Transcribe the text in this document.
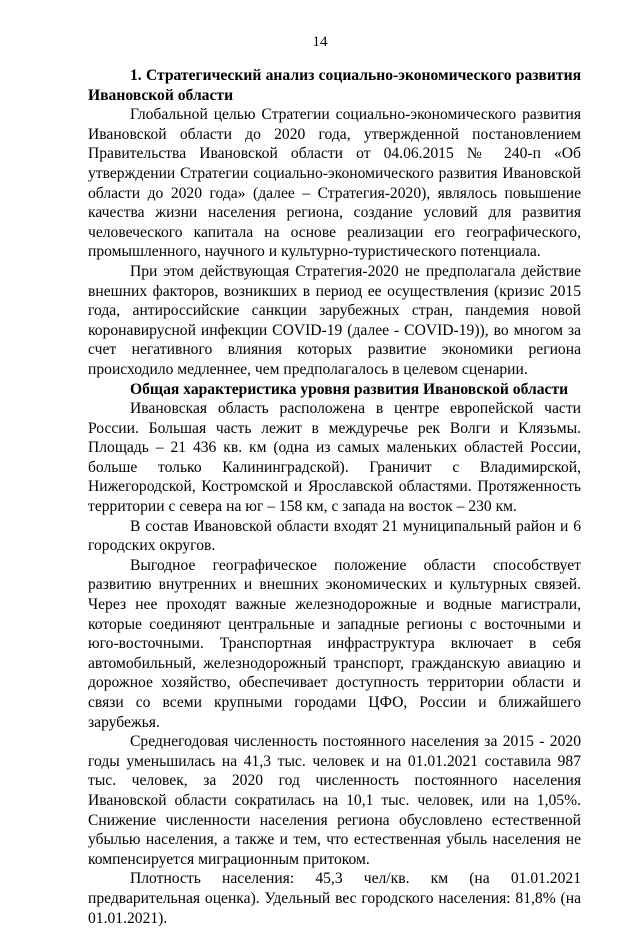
14
1. Стратегический анализ социально-экономического развития Ивановской области

Глобальной целью Стратегии социально-экономического развития Ивановской области до 2020 года, утвержденной постановлением Правительства Ивановской области от 04.06.2015 № 240-п «Об утверждении Стратегии социально-экономического развития Ивановской области до 2020 года» (далее – Стратегия-2020), являлось повышение качества жизни населения региона, создание условий для развития человеческого капитала на основе реализации его географического, промышленного, научного и культурно-туристического потенциала.

При этом действующая Стратегия-2020 не предполагала действие внешних факторов, возникших в период ее осуществления (кризис 2015 года, антироссийские санкции зарубежных стран, пандемия новой коронавирусной инфекции COVID-19 (далее - COVID-19)), во многом за счет негативного влияния которых развитие экономики региона происходило медленнее, чем предполагалось в целевом сценарии.

Общая характеристика уровня развития Ивановской области

Ивановская область расположена в центре европейской части России. Большая часть лежит в междуречье рек Волги и Клязьмы. Площадь – 21 436 кв. км (одна из самых маленьких областей России, больше только Калининградской). Граничит с Владимирской, Нижегородской, Костромской и Ярославской областями. Протяженность территории с севера на юг – 158 км, с запада на восток – 230 км.

В состав Ивановской области входят 21 муниципальный район и 6 городских округов.

Выгодное географическое положение области способствует развитию внутренних и внешних экономических и культурных связей. Через нее проходят важные железнодорожные и водные магистрали, которые соединяют центральные и западные регионы с восточными и юго-восточными. Транспортная инфраструктура включает в себя автомобильный, железнодорожный транспорт, гражданскую авиацию и дорожное хозяйство, обеспечивает доступность территории области и связи со всеми крупными городами ЦФО, России и ближайшего зарубежья.

Среднегодовая численность постоянного населения за 2015 - 2020 годы уменьшилась на 41,3 тыс. человек и на 01.01.2021 составила 987 тыс. человек, за 2020 год численность постоянного населения Ивановской области сократилась на 10,1 тыс. человек, или на 1,05%. Снижение численности населения региона обусловлено естественной убылью населения, а также и тем, что естественная убыль населения не компенсируется миграционным притоком.

Плотность населения: 45,3 чел/кв. км (на 01.01.2021 предварительная оценка). Удельный вес городского населения: 81,8% (на 01.01.2021).
